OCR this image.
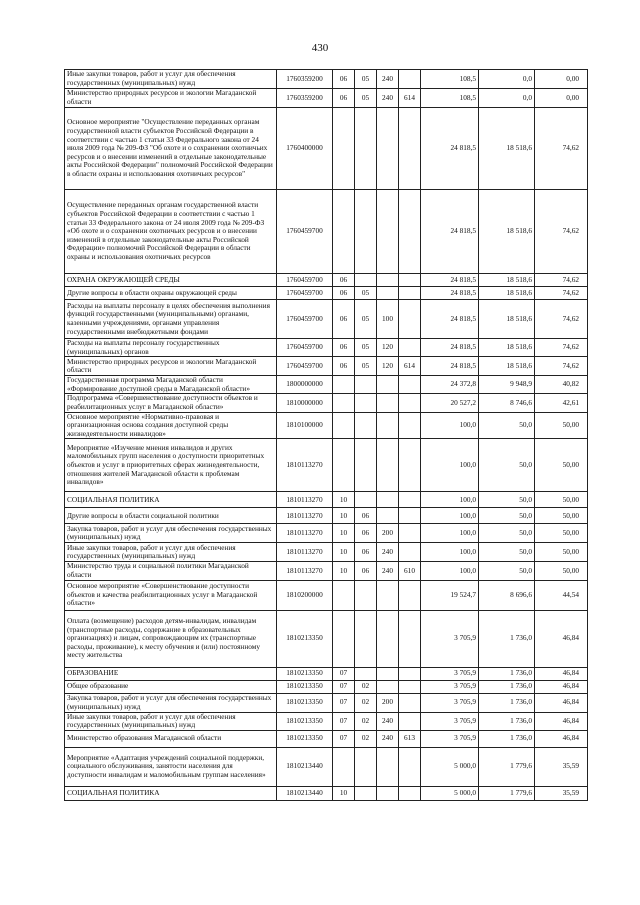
430
Иные закупки товаров, работ и услуг для обеспечения государственных (муниципальных) нужд	1760359200	06	05	240		108,5	0,0	0,00
Министерство природных ресурсов и экологии Магаданской области	1760359200	06	05	240	614	108,5	0,0	0,00
Основное мероприятие "Осуществление переданных органам государственной власти субъектов Российской Федерации в соответствии с частью 1 статьи 33 Федерального закона от 24 июля 2009 года № 209-ФЗ "Об охоте и о сохранении охотничьих ресурсов и о внесении изменений в отдельные законодательные акты Российской Федерации" полномочий Российской Федерации в области охраны и использования охотничьих ресурсов"	1760400000					24 818,5	18 518,6	74,62
Осуществление переданных органам государственной власти субъектов Российской Федерации в соответствии с частью 1 статьи 33 Федерального закона от 24 июля 2009 года № 209-ФЗ «Об охоте и о сохранении охотничьих ресурсов и о внесении изменений в отдельные законодательные акты Российской Федерации» полномочий Российской Федерации в области охраны и использования охотничьих ресурсов	1760459700					24 818,5	18 518,6	74,62
ОХРАНА ОКРУЖАЮЩЕЙ СРЕДЫ	1760459700	06				24 818,5	18 518,6	74,62
Другие вопросы в области охраны окружающей среды	1760459700	06	05			24 818,5	18 518,6	74,62
Расходы на выплаты персоналу в целях обеспечения выполнения функций государственными (муниципальными) органами, казенными учреждениями, органами управления государственными внебюджетными фондами	1760459700	06	05	100		24 818,5	18 518,6	74,62
Расходы на выплаты персоналу государственных (муниципальных) органов	1760459700	06	05	120		24 818,5	18 518,6	74,62
Министерство природных ресурсов и экологии Магаданской области	1760459700	06	05	120	614	24 818,5	18 518,6	74,62
Государственная программа Магаданской области «Формирование доступной среды в Магаданской области»	1800000000					24 372,8	9 948,9	40,82
Подпрограмма «Совершенствование доступности объектов и реабилитационных услуг в Магаданской области»	1810000000					20 527,2	8 746,6	42,61
Основное мероприятие «Нормативно-правовая и организационная основа создания доступной среды жизнедеятельности инвалидов»	1810100000					100,0	50,0	50,00
Мероприятие «Изучение мнения инвалидов и других маломобильных групп населения о доступности приоритетных объектов и услуг в приоритетных сферах жизнедеятельности, отношения жителей Магаданской области к проблемам инвалидов»	1810113270					100,0	50,0	50,00
СОЦИАЛЬНАЯ ПОЛИТИКА	1810113270	10				100,0	50,0	50,00
Другие вопросы в области социальной политики	1810113270	10	06			100,0	50,0	50,00
Закупка товаров, работ и услуг для обеспечения государственных (муниципальных) нужд	1810113270	10	06	200		100,0	50,0	50,00
Иные закупки товаров, работ и услуг для обеспечения государственных (муниципальных) нужд	1810113270	10	06	240		100,0	50,0	50,00
Министерство труда и социальной политики Магаданской области	1810113270	10	06	240	610	100,0	50,0	50,00
Основное мероприятие «Совершенствование доступности объектов и качества реабилитационных услуг в Магаданской области»	1810200000					19 524,7	8 696,6	44,54
Оплата (возмещение) расходов детям-инвалидам, инвалидам (транспортные расходы, содержание в образовательных организациях) и лицам, сопровождающим их (транспортные расходы, проживание), к месту обучения и (или) постоянному месту жительства	1810213350					3 705,9	1 736,0	46,84
ОБРАЗОВАНИЕ	1810213350	07				3 705,9	1 736,0	46,84
Общее образование	1810213350	07	02			3 705,9	1 736,0	46,84
Закупка товаров, работ и услуг для обеспечения государственных (муниципальных) нужд	1810213350	07	02	200		3 705,9	1 736,0	46,84
Иные закупки товаров, работ и услуг для обеспечения государственных (муниципальных) нужд	1810213350	07	02	240		3 705,9	1 736,0	46,84
Министерство образования Магаданской области	1810213350	07	02	240	613	3 705,9	1 736,0	46,84
Мероприятие «Адаптация учреждений социальной поддержки, социального обслуживания, занятости населения для доступности инвалидам и маломобильным группам населения»	1810213440					5 000,0	1 779,6	35,59
СОЦИАЛЬНАЯ ПОЛИТИКА	1810213440	10				5 000,0	1 779,6	35,59
